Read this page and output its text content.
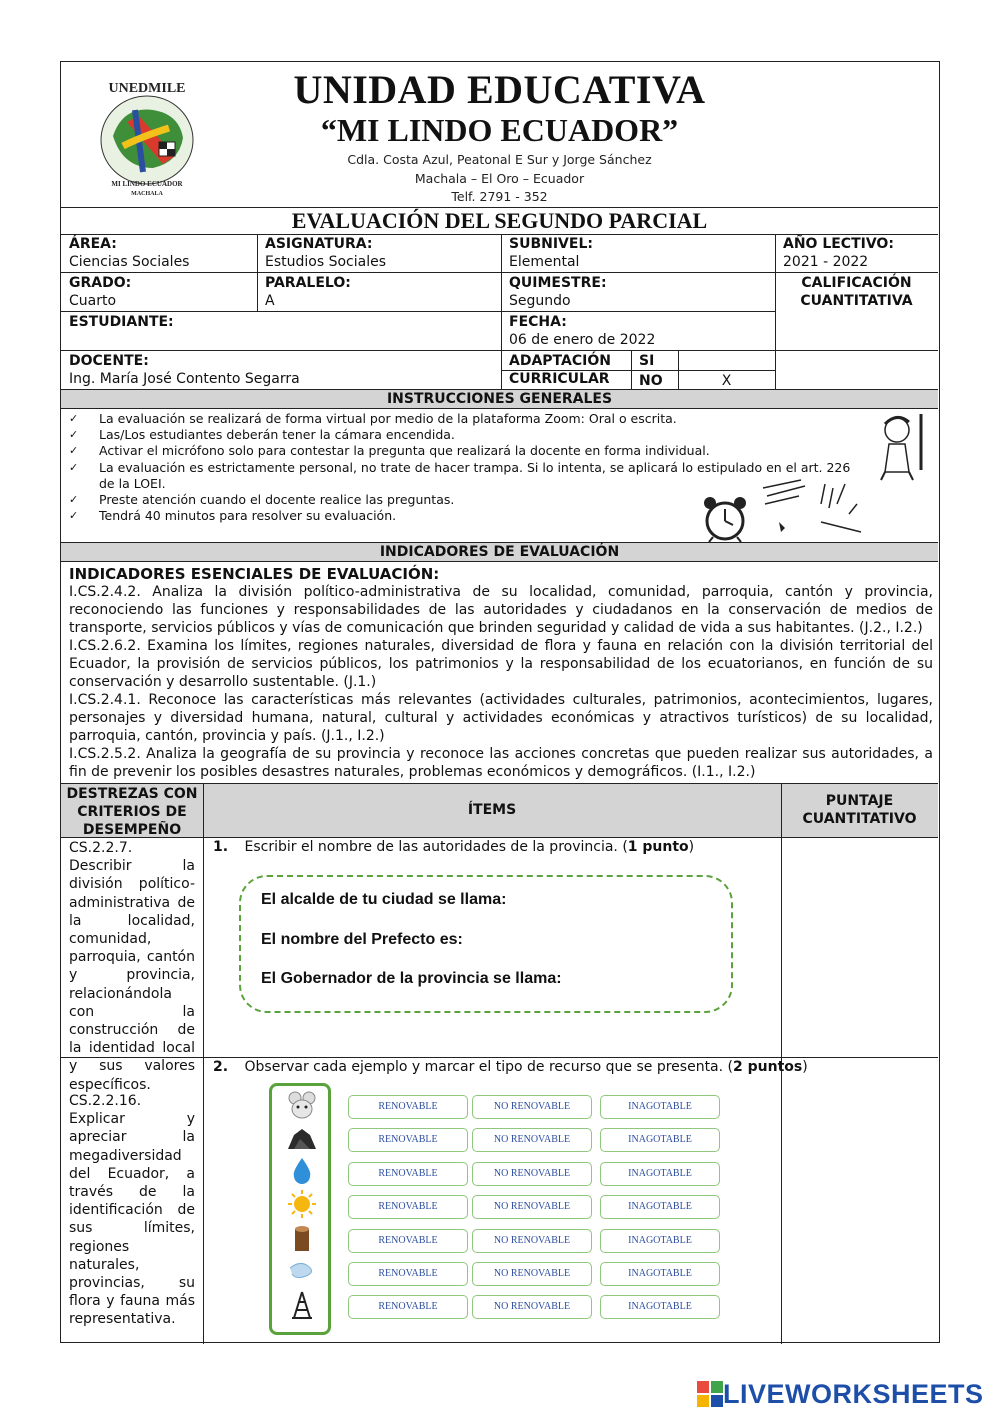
UNEDMILE
MI LINDO ECUADOR
MACHALA
UNIDAD EDUCATIVA
“MI LINDO ECUADOR”
Cdla. Costa Azul, Peatonal E Sur y Jorge Sánchez
Machala – El Oro – Ecuador
Telf. 2791 - 352
EVALUACIÓN DEL SEGUNDO PARCIAL
ÁREA:
Ciencias Sociales
ASIGNATURA:
Estudios Sociales
SUBNIVEL:
Elemental
AÑO LECTIVO:
2021 - 2022
GRADO:
Cuarto
PARALELO:
A
QUIMESTRE:
Segundo
CALIFICACIÓN
CUANTITATIVA
ESTUDIANTE:	FECHA:
06 de enero de 2022
DOCENTE:
Ing. María José Contento Segarra
ADAPTACIÓN
CURRICULAR
SI
NO	X
INSTRUCCIONES GENERALES
✓ La evaluación se realizará de forma virtual por medio de la plataforma Zoom: Oral o escrita.
✓ Las/Los estudiantes deberán tener la cámara encendida.
✓ Activar el micrófono solo para contestar la pregunta que realizará la docente en forma individual.
✓ La evaluación es estrictamente personal, no trate de hacer trampa. Si lo intenta, se aplicará lo estipulado en el art. 226 de la LOEI.
✓ Preste atención cuando el docente realice las preguntas.
✓ Tendrá 40 minutos para resolver su evaluación.
INDICADORES DE EVALUACIÓN
INDICADORES ESENCIALES DE EVALUACIÓN:
I.CS.2.4.2. Analiza la división político-administrativa de su localidad, comunidad, parroquia, cantón y provincia, reconociendo las funciones y responsabilidades de las autoridades y ciudadanos en la conservación de medios de transporte, servicios públicos y vías de comunicación que brinden seguridad y calidad de vida a sus habitantes. (J.2., I.2.)
I.CS.2.6.2. Examina los límites, regiones naturales, diversidad de flora y fauna en relación con la división territorial del Ecuador, la provisión de servicios públicos, los patrimonios y la responsabilidad de los ecuatorianos, en función de su conservación y desarrollo sustentable. (J.1.)
I.CS.2.4.1. Reconoce las características más relevantes (actividades culturales, patrimonios, acontecimientos, lugares, personajes y diversidad humana, natural, cultural y actividades económicas y atractivos turísticos) de su localidad, parroquia, cantón, provincia y país. (J.1., I.2.)
I.CS.2.5.2. Analiza la geografía de su provincia y reconoce las acciones concretas que pueden realizar sus autoridades, a fin de prevenir los posibles desastres naturales, problemas económicos y demográficos. (I.1., I.2.)
DESTREZAS CON CRITERIOS DE DESEMPEÑO
ÍTEMS
PUNTAJE CUANTITATIVO
CS.2.2.7. Describir la división político-administrativa de la localidad, comunidad, parroquia, cantón y provincia, relacionándola con la construcción de la identidad local y sus valores específicos.
1. Escribir el nombre de las autoridades de la provincia. (1 punto)
El alcalde de tu ciudad se llama:
El nombre del Prefecto es:
El Gobernador de la provincia se llama:
CS.2.2.16. Explicar y apreciar la megadiversidad del Ecuador, a través de la identificación de sus límites, regiones naturales, provincias, su flora y fauna más representativa.
2. Observar cada ejemplo y marcar el tipo de recurso que se presenta. (2 puntos)
RENOVABLE	NO RENOVABLE	INAGOTABLE
RENOVABLE	NO RENOVABLE	INAGOTABLE
RENOVABLE	NO RENOVABLE	INAGOTABLE
RENOVABLE	NO RENOVABLE	INAGOTABLE
RENOVABLE	NO RENOVABLE	INAGOTABLE
RENOVABLE	NO RENOVABLE	INAGOTABLE
RENOVABLE	NO RENOVABLE	INAGOTABLE
LIVEWORKSHEETS
